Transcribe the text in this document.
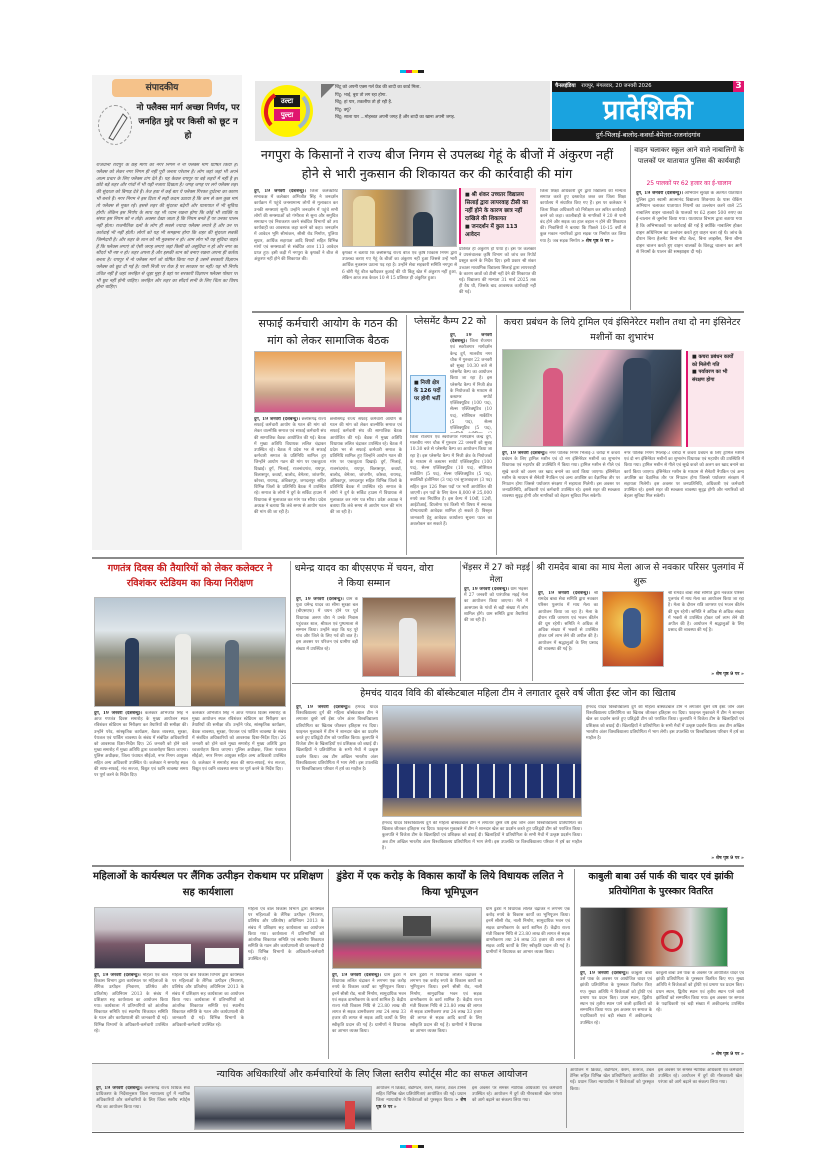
संपादकीय
नो फ्लैक्स मार्ग अच्छा निर्णय, पर जनहित मुद्दे पर किसी को छूट न हो
राजधानी रायपुर के छह मार्गों को नगर निगम ने नो फ्लैक्स मार्ग घोषित किया है। फ्लैक्स को लेकर नगर निगम ही नहीं पूरी जनता परेशान है। लोग जहां जहां भी अपने आत्म प्रचार के लिए फ्लैक्स टांग देते हैं। यह केवल रायपुर या बड़े शहरों में नहीं है हर छोटे बड़े शहर और गांवों में भी यही नजारा दिखता है। जगह जगह पर लगे फ्लैक्स शहर की सुंदरता को बिगाड़ देते हैं। तेज हवा में कई बार ये फ्लैक्स गिरकर दुर्घटना का कारण भी बनते हैं। नगर निगम ने इस दिशा में सही कदम उठाया है कि कम से कम कुछ मार्ग तो फ्लैक्स से मुक्त रहें। इससे शहर की सुंदरता बढ़ेगी और यातायात में भी सुविधा होगी। लेकिन इस निर्णय के साथ यह भी ध्यान रखना होगा कि कोई भी व्यक्ति या संस्था इस नियम को न तोड़े। अक्सर देखा जाता है कि नियम बनते हैं पर उनका पालन नहीं होता। राजनीतिक दलों के लोग ही सबसे ज्यादा फ्लैक्स लगाते हैं और उन पर कार्रवाई भी नहीं होती। लोगों को यह भी समझना होगा कि शहर की सुंदरता सबकी जिम्मेदारी है। और शहर के शान को भी नुकसान न हो। आम लोग भी यह सुविधा चाहते हैं कि फ्लैक्स लगाएं तो ऐसी जगह लगाएं जहां किसी को असुविधा न हो और नगर का सौंदर्य भी नष्ट न हो। शहर अपना है और इसकी शान को बनाए रखना अपना ही कर्तव्य बनता है। रायपुर में नो फ्लैक्स मार्ग जो घोषित किया गया है उसमें सरकारी विज्ञापन फ्लैक्स को छूट दी गई है। यानी निजी पर रोक है पर सरकार पर नहीं। यह भी निर्णय उचित नहीं है जहां जनहित से जुड़ा मुद्दा है वहां पर सरकारी विज्ञापन फ्लैक्स पोस्टर पर भी छूट नहीं होनी चाहिए। जनहित और शहर का सौंदर्य सभी के लिए चिंता का विषय होना चाहिए।
उल्टा
पुल्टा
चिंटू को अपनी एक्स गर्ल फ्रेंड की शादी का कार्ड मिला.
पिंटू: भाई, बुरा तो लग रहा होगा.
चिंटू: हां यार, तकलीफ तो हो रही है.
पिंटू: क्यूं?
चिंटू: साला यार ...मोहब्बत अपनी जगह है और शादी का खाना अपनी जगह.
चैनलइंडिया रायपुर, मंगलवार, 20 जनवरी 2026	3
प्रादेशिकी
दुर्ग-भिलाई-बालोद-कवर्धा-बेमेतरा-राजनांदगांव
नगपुरा के किसानों ने राज्य बीज निगम से उपलब्ध गेहूं के बीजों में अंकुरण नहीं होने से भारी नुकसान की शिकायत कर की कार्रवाही की मांग
दुर्ग, 19 जनवरी (देशबन्धु)। जिला कलेक्टोरेट सभाकक्ष में कलेक्टर अभिजीत सिंह ने जनदर्शन कार्यक्रम में पहुंचे जनसामान्य लोगों से मुलाकात कर उनकी समस्याएं सुनीं। उन्होंने जनदर्शन में पहुंचे सभी लोगों की समस्याओं को गंभीरता से सुना और समुचित समाधान एवं निराकरण करने संबंधित विभागों को तय कार्यवाही का आवश्यक कहा करने को कहा। जनदर्शन में आवेदन भूमि सीमांकन, सीसी रोड निर्माण, पुलिया सुधार, आर्थिक सहायता आदि विषयों सहित विभिन्न मांगों एवं समस्याओं से संबंधित आज 113 आवेदन प्राप्त हुए। इसी कड़ी में नगपुरा के कृषकों ने बीज से अंकुरण नहीं होने की शिकायत की।
कृषकों ने बताया कि छत्तीसगढ़ राज्य बीज एवं कृषि विकास निगम द्वारा उपलब्ध कराए गए गेहूं के बीजों का अंकुरण नहीं हुआ जिससे उन्हें भारी आर्थिक नुकसान उठाना पड़ रहा है। उन्होंने सेवा सहकारी समिति नगपुरा से 6 बोरी गेहूं बीज खरीदकर बुआई की थी किंतु खेत में अंकुरण नहीं हुआ, लेकिन आज तक केवल 10 से 15 प्रतिशत ही अंकुरित हुआ।
■ श्री शंकर उच्चतर विद्यालय सिलाई द्वारा लापरवाह टीसी का नहीं होने के कारण छात्र नहीं दाखिले की शिकायत
■ जनदर्शन में कुल 113 आवेदन
प्रतिशत ही अंकुरण हो पाया है। इस पर कलेक्टर ने उपसंचालक कृषि विभाग को जांच कर रिपोर्ट प्रस्तुत करने के निर्देश दिए। इसी प्रकार श्री शंकर उच्चतर माध्यमिक विद्यालय सिलाई द्वारा लापरवाही के कारण छात्रों को टीसी नहीं देने की शिकायत की गई। विद्यालय की मान्यता 31 मार्च 2025 तक ही वैध थी, जिसके बाद आवश्यक कार्यवाही नहीं की गई।
जिला शिक्षा अधिकारी दुर्ग द्वारा विद्यालय की मान्यता समाप्त करते हुए दस्तावेज़ जब्त कर जिला शिक्षा कार्यालय में संधारित किए गए हैं। इस पर कलेक्टर ने जिला शिक्षा अधिकारी को निरीक्षण कर त्वरित कार्यवाही करने को कहा। कालीबाड़ी के नागरिकों ने 20 से पानी बंद होने और सड़क का हाल बहाल न होने की शिकायत की। निवासियों ने बताया कि पिछले 10-15 वर्षों से कुछ मकान नागरिकों द्वारा सड़क पर निर्माण कर लिया गया है। जब सड़क निर्माण » शेष पृष्ठ 9 पर »
वाहन चलाकर स्कूल आने वाले नाबालिगों के पालकों पर यातायात पुलिस की कार्यवाही
25 पालकों पर 62 हजार का ई-चालान
दुर्ग, 19 जनवरी (देशबन्धु)। अभियान सुरक्षा के अंतर्गत यातायात पुलिस द्वारा स्वामी आत्मानंद विद्यालय शिवनाथ के पास चेकिंग अभियान चलाकर यातायात नियमों का उल्लंघन करने वाले 25 नाबालिग वाहन चालकों के पालकों पर 62 हजार 500 रुपए का ई-चालान से जुर्माना किया गया। यातायात विभाग द्वारा बताया गया है कि अभिभावकों पर कार्रवाई की गई है क्योंकि नाबालिग होकर वाहन अधिनियम का उल्लंघन करते हुए वाहन चला रहे थे। जांच के दौरान बिना हेलमेट बिना सीट बेल्ट, बिना लाइसेंस, बिना बीमा वाहन चालन करते हुए वाहन चालकों के विरुद्ध चालान कर आगे से नियमों के पालन की समझाइश दी गई।
सफाई कर्मचारी आयोग के गठन की मांग को लेकर सामाजिक बैठक
दुर्ग, 19 जनवरी (देशबन्धु)। छत्तीसगढ़ राज्य सफाई कर्मचारी आयोग के गठन की मांग को लेकर वाल्मीकि समाज एवं सफाई कर्मचारी संघ की सामाजिक बैठक आयोजित की गई। बैठक में मुख्य अतिथि विधायक ललित चंद्राकर उपस्थित रहे। बैठक में प्रदेश भर से सफाई कर्मचारी समाज के प्रतिनिधि शामिल हुए जिन्होंने आयोग गठन की मांग पर एकजुटता दिखाई। दुर्ग, भिलाई, राजनांदगांव, रायपुर, बिलासपुर, कवर्धा, बालोद, बेमेतरा, जांजगीर, कोरबा, रायगढ़, अंबिकापुर, जगदलपुर सहित विभिन्न जिलों के प्रतिनिधि बैठक में उपस्थित रहे। समाज के लोगों ने दुर्ग के सर्किट हाउस में विधायक से मुलाकात कर मांग पत्र सौंपा। प्रदेश अध्यक्ष ने बताया कि लंबे समय से आयोग गठन की मांग की जा रही है।
छत्तीसगढ़ राज्य सफाई कर्मचारी आयोग के गठन की मांग को लेकर वाल्मीकि समाज एवं सफाई कर्मचारी संघ की सामाजिक बैठक आयोजित की गई। बैठक में मुख्य अतिथि विधायक ललित चंद्राकर उपस्थित रहे। बैठक में प्रदेश भर से सफाई कर्मचारी समाज के प्रतिनिधि शामिल हुए जिन्होंने आयोग गठन की मांग पर एकजुटता दिखाई। दुर्ग, भिलाई, राजनांदगांव, रायपुर, बिलासपुर, कवर्धा, बालोद, बेमेतरा, जांजगीर, कोरबा, रायगढ़, अंबिकापुर, जगदलपुर सहित विभिन्न जिलों के प्रतिनिधि बैठक में उपस्थित रहे। समाज के लोगों ने दुर्ग के सर्किट हाउस में विधायक से मुलाकात कर मांग पत्र सौंपा। प्रदेश अध्यक्ष ने बताया कि लंबे समय से आयोग गठन की मांग की जा रही है।
प्लेसमेंट कैम्प 22 को
■ निजी क्षेत्र के 126 पदों पर होगी भर्ती
दुर्ग, 19 जनवरी (देशबन्धु)। जिला रोजगार एवं स्वरोजगार मार्गदर्शन केन्द्र दुर्ग, मालवीय नगर चौक में गुरुवार 22 जनवरी को सुबह 10.30 बजे से प्लेसमेंट कैम्प का आयोजन किया जा रहा है। इस प्लेसमेंट कैम्प में निजी क्षेत्र के नियोजकों के माध्यम से कस्टमर सपोर्ट एक्जिक्यूटिव (100 पद), सेल्स एक्जिक्यूटिव (10 पद), सोशियल मार्केटिंग (5 पद), सेल्स एक्जिक्यूटिव (5 पद),
जिला रोजगार एवं स्वरोजगार मार्गदर्शन केन्द्र दुर्ग, मालवीय नगर चौक में गुरुवार 22 जनवरी को सुबह 10.30 बजे से प्लेसमेंट कैम्प का आयोजन किया जा रहा है। इस प्लेसमेंट कैम्प में निजी क्षेत्र के नियोजकों के माध्यम से कस्टमर सपोर्ट एक्जिक्यूटिव (100 पद), सेल्स एक्जिक्यूटिव (10 पद), सोशियल मार्केटिंग (5 पद), सेल्स एक्जिक्यूटिव (5 पद), क्वालिटी इंजीनियर (3 पद) एवं सुपरवाइजर (3 पद) सहित कुल 126 रिक्त पदों पर भर्ती आयोजित की जाएगी। इन पदों के लिए वेतन 8,000 से 25,000 रुपये तक निर्धारित है। इस कैम्प में 10वीं, 12वीं, आईटीआई, डिप्लोमा एवं किसी भी विषय में स्नातक योग्यताधारी आवेदक शामिल हो सकते हैं। विस्तृत जानकारी हेतु आवेदक कार्यालय सूचना पटल का अवलोकन कर सकते हैं।
कचरा प्रबंधन के लिये ट्रामिल एवं इंसिनेरेटर मशीन तथा दो नग इंसिनेटर मशीनों का शुभारंभ
■ कचरा प्रबंधन कार्यों को मिलेगी गति
■ पर्यावरण का भी संरक्षण होगा
दुर्ग, 19 जनवरी (देशबन्धु)। नगर पालिक निगम भिलाई-3 चरोदा में कचरा प्रबंधन के लिए ट्रामिल मशीन एवं दो नग इंसिनेरेटर मशीनों का शुभारंभ विधायक एवं महापौर की उपस्थिति में किया गया। ट्रामिल मशीन से गीले एवं सूखे कचरे को अलग कर खाद बनाने का कार्य किया जाएगा। इंसिनेरेटर मशीन के माध्यम से सैनेटरी नैपकिन एवं अन्य अपशिष्ट का वैज्ञानिक तौर पर निपटान होगा जिससे पर्यावरण संरक्षण में सहायता मिलेगी। इस अवसर पर जनप्रतिनिधि, अधिकारी एवं कर्मचारी उपस्थित रहे। इससे शहर की स्वच्छता व्यवस्था सुदृढ़ होगी और नागरिकों को बेहतर सुविधा मिल सकेगी।
नगर पालिक निगम भिलाई-3 चरोदा में कचरा प्रबंधन के लिए ट्रामिल मशीन एवं दो नग इंसिनेरेटर मशीनों का शुभारंभ विधायक एवं महापौर की उपस्थिति में किया गया। ट्रामिल मशीन से गीले एवं सूखे कचरे को अलग कर खाद बनाने का कार्य किया जाएगा। इंसिनेरेटर मशीन के माध्यम से सैनेटरी नैपकिन एवं अन्य अपशिष्ट का वैज्ञानिक तौर पर निपटान होगा जिससे पर्यावरण संरक्षण में सहायता मिलेगी। इस अवसर पर जनप्रतिनिधि, अधिकारी एवं कर्मचारी उपस्थित रहे। इससे शहर की स्वच्छता व्यवस्था सुदृढ़ होगी और नागरिकों को बेहतर सुविधा मिल सकेगी।
गणतंत्र दिवस की तैयारियों को लेकर कलेक्टर ने रविशंकर स्टेडियम का किया निरीक्षण
दुर्ग, 19 जनवरी (देशबन्धु)। कलेक्टर अभिजीत सिंह ने आज गणतंत्र दिवस समारोह के मुख्य आयोजन स्थल रविशंकर स्टेडियम का निरीक्षण कर तैयारियों की समीक्षा की। उन्होंने परेड, सांस्कृतिक कार्यक्रम, बैठक व्यवस्था, सुरक्षा, पेयजल एवं पार्किंग व्यवस्था के संबंध में संबंधित अधिकारियों को आवश्यक दिशा-निर्देश दिए। 26 जनवरी को होने वाले मुख्य समारोह में मुख्य अतिथि द्वारा ध्वजारोहण किया जाएगा। पुलिस अधीक्षक, जिला पंचायत सीईओ, नगर निगम आयुक्त सहित अन्य अधिकारी उपस्थित थे। कलेक्टर ने समारोह स्थल की साफ-सफाई, मंच सज्जा, विद्युत एवं ध्वनि व्यवस्था समय पर पूर्ण करने के निर्देश दिए।
कलेक्टर अभिजीत सिंह ने आज गणतंत्र दिवस समारोह के मुख्य आयोजन स्थल रविशंकर स्टेडियम का निरीक्षण कर तैयारियों की समीक्षा की। उन्होंने परेड, सांस्कृतिक कार्यक्रम, बैठक व्यवस्था, सुरक्षा, पेयजल एवं पार्किंग व्यवस्था के संबंध में संबंधित अधिकारियों को आवश्यक दिशा-निर्देश दिए। 26 जनवरी को होने वाले मुख्य समारोह में मुख्य अतिथि द्वारा ध्वजारोहण किया जाएगा। पुलिस अधीक्षक, जिला पंचायत सीईओ, नगर निगम आयुक्त सहित अन्य अधिकारी उपस्थित थे। कलेक्टर ने समारोह स्थल की साफ-सफाई, मंच सज्जा, विद्युत एवं ध्वनि व्यवस्था समय पर पूर्ण करने के निर्देश दिए।
धमेन्द्र यादव का बीएसएफ में चयन, वोरा ने किया सम्मान
दुर्ग, 19 जनवरी (देशबन्धु)। ग्राम के युवा धमेन्द्र यादव का सीमा सुरक्षा बल (बीएसएफ) में चयन होने पर पूर्व विधायक अरुण वोरा ने उनके निवास पहुंचकर शाल, श्रीफल एवं पुष्पमाला से सम्मान किया। उन्होंने कहा कि यह पूरे गांव और जिले के लिए गर्व की बात है। इस अवसर पर परिजन एवं ग्रामीण बड़ी संख्या में उपस्थित रहे।
भेंड़सर में 27 को मड़ई मेला
दुर्ग, 19 जनवरी (देशबन्धु)। ग्राम भेंड़सर में 27 जनवरी को पारंपरिक मड़ई मेला का आयोजन किया जाएगा। मेले में आसपास के गांवों से बड़ी संख्या में लोग शामिल होंगे। ग्राम समिति द्वारा तैयारियां की जा रही हैं।
श्री रामदेव बाबा का माघ मेला आज से नवकार परिसर पुलगांव में शुरू
दुर्ग, 19 जनवरी (देशबन्धु)। श्री रामदेव बाबा सेवा समिति द्वारा नवकार परिसर पुलगांव में माघ मेला का आयोजन किया जा रहा है। मेला के दौरान रात्रि जागरण एवं भजन कीर्तन की धूम रहेगी। समिति ने अधिक से अधिक संख्या में भक्तों से उपस्थित होकर धर्म लाभ लेने की अपील की है। आयोजन में श्रद्धालुओं के लिए प्रसाद की व्यवस्था की गई है।
श्री रामदेव बाबा सेवा समिति द्वारा नवकार परिसर पुलगांव में माघ मेला का आयोजन किया जा रहा है। मेला के दौरान रात्रि जागरण एवं भजन कीर्तन की धूम रहेगी। समिति ने अधिक से अधिक संख्या में भक्तों से उपस्थित होकर धर्म लाभ लेने की अपील की है। आयोजन में श्रद्धालुओं के लिए प्रसाद की व्यवस्था की गई है।
» शेष पृष्ठ 9 पर »
हेमचंद यादव विवि की बॉस्केटबाल महिला टीम ने लगातार दूसरे वर्ष जीता ईस्ट जोन का खिताब
दुर्ग, 19 जनवरी (देशबन्धु)। हेमचंद यादव विश्वविद्यालय दुर्ग की महिला बॉस्केटबाल टीम ने लगातार दूसरे वर्ष ईस्ट जोन अंतर विश्वविद्यालय प्रतियोगिता का खिताब जीतकर इतिहास रच दिया। फाइनल मुकाबले में टीम ने शानदार खेल का प्रदर्शन करते हुए प्रतिद्वंदी टीम को पराजित किया। कुलपति ने विजेता टीम के खिलाड़ियों एवं प्रशिक्षक को बधाई दी। खिलाड़ियों ने प्रतियोगिता के सभी मैचों में उत्कृष्ट प्रदर्शन किया। अब टीम अखिल भारतीय अंतर विश्वविद्यालय प्रतियोगिता में भाग लेगी। इस उपलब्धि पर विश्वविद्यालय परिवार में हर्ष का माहौल है।
हेमचंद यादव विश्वविद्यालय दुर्ग की महिला बॉस्केटबाल टीम ने लगातार दूसरे वर्ष ईस्ट जोन अंतर विश्वविद्यालय प्रतियोगिता का खिताब जीतकर इतिहास रच दिया। फाइनल मुकाबले में टीम ने शानदार खेल का प्रदर्शन करते हुए प्रतिद्वंदी टीम को पराजित किया। कुलपति ने विजेता टीम के खिलाड़ियों एवं प्रशिक्षक को बधाई दी। खिलाड़ियों ने प्रतियोगिता के सभी मैचों में उत्कृष्ट प्रदर्शन किया। अब टीम अखिल भारतीय अंतर विश्वविद्यालय प्रतियोगिता में भाग लेगी। इस उपलब्धि पर विश्वविद्यालय परिवार में हर्ष का माहौल है।
हेमचंद यादव विश्वविद्यालय दुर्ग की महिला बॉस्केटबाल टीम ने लगातार दूसरे वर्ष ईस्ट जोन अंतर विश्वविद्यालय प्रतियोगिता का खिताब जीतकर इतिहास रच दिया। फाइनल मुकाबले में टीम ने शानदार खेल का प्रदर्शन करते हुए प्रतिद्वंदी टीम को पराजित किया। कुलपति ने विजेता टीम के खिलाड़ियों एवं प्रशिक्षक को बधाई दी। खिलाड़ियों ने प्रतियोगिता के सभी मैचों में उत्कृष्ट प्रदर्शन किया। अब टीम अखिल भारतीय अंतर विश्वविद्यालय प्रतियोगिता में भाग लेगी। इस उपलब्धि पर विश्वविद्यालय परिवार में हर्ष का माहौल है।
» शेष पृष्ठ 9 पर »
महिलाओं के कार्यस्थल पर लैंगिक उत्पीड़न रोकथाम पर प्रशिक्षण सह कार्यशाला
महिला एवं बाल विकास विभाग द्वारा कार्यस्थल पर महिलाओं के लैंगिक उत्पीड़न (निवारण, प्रतिषेध और प्रतितोष) अधिनियम 2013 के संबंध में प्रशिक्षण सह कार्यशाला का आयोजन किया गया। कार्यशाला में प्रतिभागियों को आंतरिक शिकायत समिति एवं स्थानीय शिकायत समिति के गठन और कार्यप्रणाली की जानकारी दी गई। विभिन्न विभागों के अधिकारी-कर्मचारी उपस्थित रहे।
दुर्ग, 19 जनवरी (देशबन्धु)। महिला एवं बाल विकास विभाग द्वारा कार्यस्थल पर महिलाओं के लैंगिक उत्पीड़न (निवारण, प्रतिषेध और प्रतितोष) अधिनियम 2013 के संबंध में प्रशिक्षण सह कार्यशाला का आयोजन किया गया। कार्यशाला में प्रतिभागियों को आंतरिक शिकायत समिति एवं स्थानीय शिकायत समिति के गठन और कार्यप्रणाली की जानकारी दी गई। विभिन्न विभागों के अधिकारी-कर्मचारी उपस्थित रहे।
महिला एवं बाल विकास विभाग द्वारा कार्यस्थल पर महिलाओं के लैंगिक उत्पीड़न (निवारण, प्रतिषेध और प्रतितोष) अधिनियम 2013 के संबंध में प्रशिक्षण सह कार्यशाला का आयोजन किया गया। कार्यशाला में प्रतिभागियों को आंतरिक शिकायत समिति एवं स्थानीय शिकायत समिति के गठन और कार्यप्रणाली की जानकारी दी गई। विभिन्न विभागों के अधिकारी-कर्मचारी उपस्थित रहे।
डुंडेरा में एक करोड़ के विकास कार्यों के लिये विधायक ललित ने किया भूमिपूजन
ग्राम डुंडेरा में विधायक ललित चंद्राकर ने लगभग एक करोड़ रुपये के विकास कार्यों का भूमिपूजन किया। इनमें सीसी रोड, नाली निर्माण, सामुदायिक भवन एवं सड़क डामरीकरण के कार्य शामिल हैं। केंद्रीय राज्य मंत्री विकास निधि से 23.80 लाख की लागत से सड़क डामरीकरण तथा 24 लाख 33 हजार की लागत से सड़क आदि कार्यों के लिए स्वीकृति प्रदान की गई है। ग्रामीणों ने विधायक का आभार व्यक्त किया।
दुर्ग, 19 जनवरी (देशबन्धु)। ग्राम डुंडेरा में विधायक ललित चंद्राकर ने लगभग एक करोड़ रुपये के विकास कार्यों का भूमिपूजन किया। इनमें सीसी रोड, नाली निर्माण, सामुदायिक भवन एवं सड़क डामरीकरण के कार्य शामिल हैं। केंद्रीय राज्य मंत्री विकास निधि से 23.80 लाख की लागत से सड़क डामरीकरण तथा 24 लाख 33 हजार की लागत से सड़क आदि कार्यों के लिए स्वीकृति प्रदान की गई है। ग्रामीणों ने विधायक का आभार व्यक्त किया।
ग्राम डुंडेरा में विधायक ललित चंद्राकर ने लगभग एक करोड़ रुपये के विकास कार्यों का भूमिपूजन किया। इनमें सीसी रोड, नाली निर्माण, सामुदायिक भवन एवं सड़क डामरीकरण के कार्य शामिल हैं। केंद्रीय राज्य मंत्री विकास निधि से 23.80 लाख की लागत से सड़क डामरीकरण तथा 24 लाख 33 हजार की लागत से सड़क आदि कार्यों के लिए स्वीकृति प्रदान की गई है। ग्रामीणों ने विधायक का आभार व्यक्त किया।
काबुली बाबा उर्स पार्क की चादर एवं झांकी प्रतियोगिता के पुरस्कार वितरित
दुर्ग, 19 जनवरी (देशबन्धु)। काबुली बाबा उर्स पाक के अवसर पर आयोजित चादर एवं झांकी प्रतियोगिता के पुरस्कार वितरित किए गए। मुख्य अतिथि ने विजेताओं को ट्रॉफी एवं प्रमाण पत्र प्रदान किए। प्रथम स्थान, द्वितीय स्थान एवं तृतीय स्थान पाने वाली झांकियों को सम्मानित किया गया। इस अवसर पर समाज के पदाधिकारी एवं बड़ी संख्या में अकीदतमंद उपस्थित रहे।
काबुली बाबा उर्स पाक के अवसर पर आयोजित चादर एवं झांकी प्रतियोगिता के पुरस्कार वितरित किए गए। मुख्य अतिथि ने विजेताओं को ट्रॉफी एवं प्रमाण पत्र प्रदान किए। प्रथम स्थान, द्वितीय स्थान एवं तृतीय स्थान पाने वाली झांकियों को सम्मानित किया गया। इस अवसर पर समाज के पदाधिकारी एवं बड़ी संख्या में अकीदतमंद उपस्थित रहे।
» शेष पृष्ठ 9 पर »
न्यायिक अधिकारियों और कर्मचारियों के लिए जिला स्तरीय स्पोर्ट्स मीट का सफल आयोजन
दुर्ग, 19 जनवरी (देशबन्धु)। छत्तीसगढ़ राज्य विधिक सेवा प्राधिकरण के निर्देशानुसार जिला न्यायालय दुर्ग में न्यायिक अधिकारियों और कर्मचारियों के लिए जिला स्तरीय स्पोर्ट्स मीट का आयोजन किया गया।
आयोजन में क्रिकेट, बैडमिंटन, कैरम, शतरंज, टेबल टेनिस सहित विभिन्न खेल प्रतियोगिताएं आयोजित की गईं। प्रधान जिला न्यायाधीश ने विजेताओं को पुरस्कृत किया। » शेष पृष्ठ 9 पर »
इस अवसर पर समस्त न्यायिक अधिकारी एवं कर्मचारी उपस्थित रहे। आयोजन में दुर्ग की गौरवशाली खेल परंपरा को आगे बढ़ाने का संकल्प लिया गया।
आयोजन में क्रिकेट, बैडमिंटन, कैरम, शतरंज, टेबल टेनिस सहित विभिन्न खेल प्रतियोगिताएं आयोजित की गईं। प्रधान जिला न्यायाधीश ने विजेताओं को पुरस्कृत किया।
इस अवसर पर समस्त न्यायिक अधिकारी एवं कर्मचारी उपस्थित रहे। आयोजन में दुर्ग की गौरवशाली खेल परंपरा को आगे बढ़ाने का संकल्प लिया गया।
